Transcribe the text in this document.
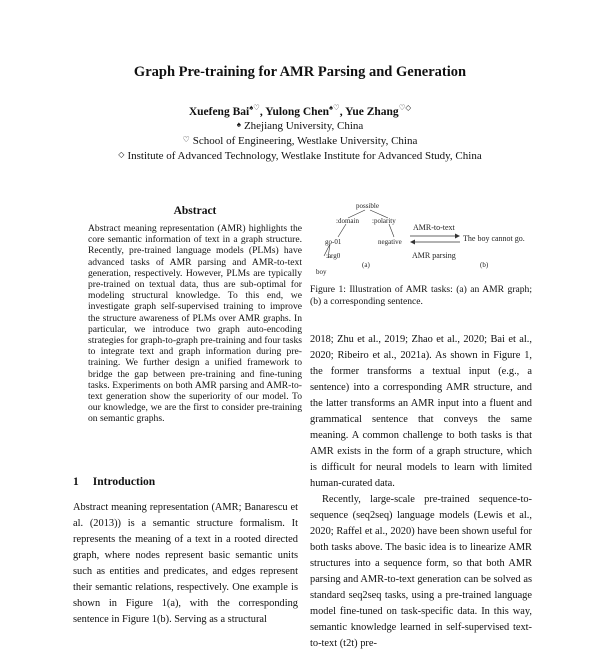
Graph Pre-training for AMR Parsing and Generation
Xuefeng Bai♠♡, Yulong Chen♠♡, Yue Zhang♡◇
♠ Zhejiang University, China
♡ School of Engineering, Westlake University, China
◇ Institute of Advanced Technology, Westlake Institute for Advanced Study, China
Abstract
Abstract meaning representation (AMR) highlights the core semantic information of text in a graph structure. Recently, pre-trained language models (PLMs) have advanced tasks of AMR parsing and AMR-to-text generation, respectively. However, PLMs are typically pre-trained on textual data, thus are sub-optimal for modeling structural knowledge. To this end, we investigate graph self-supervised training to improve the structure awareness of PLMs over AMR graphs. In particular, we introduce two graph auto-encoding strategies for graph-to-graph pre-training and four tasks to integrate text and graph information during pre-training. We further design a unified framework to bridge the gap between pre-training and fine-tuning tasks. Experiments on both AMR parsing and AMR-to-text generation show the superiority of our model. To our knowledge, we are the first to consider pre-training on semantic graphs.
1 Introduction
Abstract meaning representation (AMR; Banarescu et al. (2013)) is a semantic structure formalism. It represents the meaning of a text in a rooted directed graph, where nodes represent basic semantic units such as entities and predicates, and edges represent their semantic relations, respectively. One example is shown in Figure 1(a), with the corresponding sentence in Figure 1(b). Serving as a structural
possible
:domain :polarity
go-01	negative
:arg0
boy
(a)
AMR-to-text
AMR parsing
The boy cannot go.
(b)
Figure 1: Illustration of AMR tasks: (a) an AMR graph; (b) a corresponding sentence.

2018; Zhu et al., 2019; Zhao et al., 2020; Bai et al., 2020; Ribeiro et al., 2021a). As shown in Figure 1, the former transforms a textual input (e.g., a sentence) into a corresponding AMR structure, and the latter transforms an AMR input into a fluent and grammatical sentence that conveys the same meaning. A common challenge to both tasks is that AMR exists in the form of a graph structure, which is difficult for neural models to learn with limited human-curated data.

Recently, large-scale pre-trained sequence-to-sequence (seq2seq) language models (Lewis et al., 2020; Raffel et al., 2020) have been shown useful for both tasks above. The basic idea is to linearize AMR structures into a sequence form, so that both AMR parsing and AMR-to-text generation can be solved as standard seq2seq tasks, using a pre-trained language model fine-tuned on task-specific data. In this way, semantic knowledge learned in self-supervised text-to-text (t2t) pre-
